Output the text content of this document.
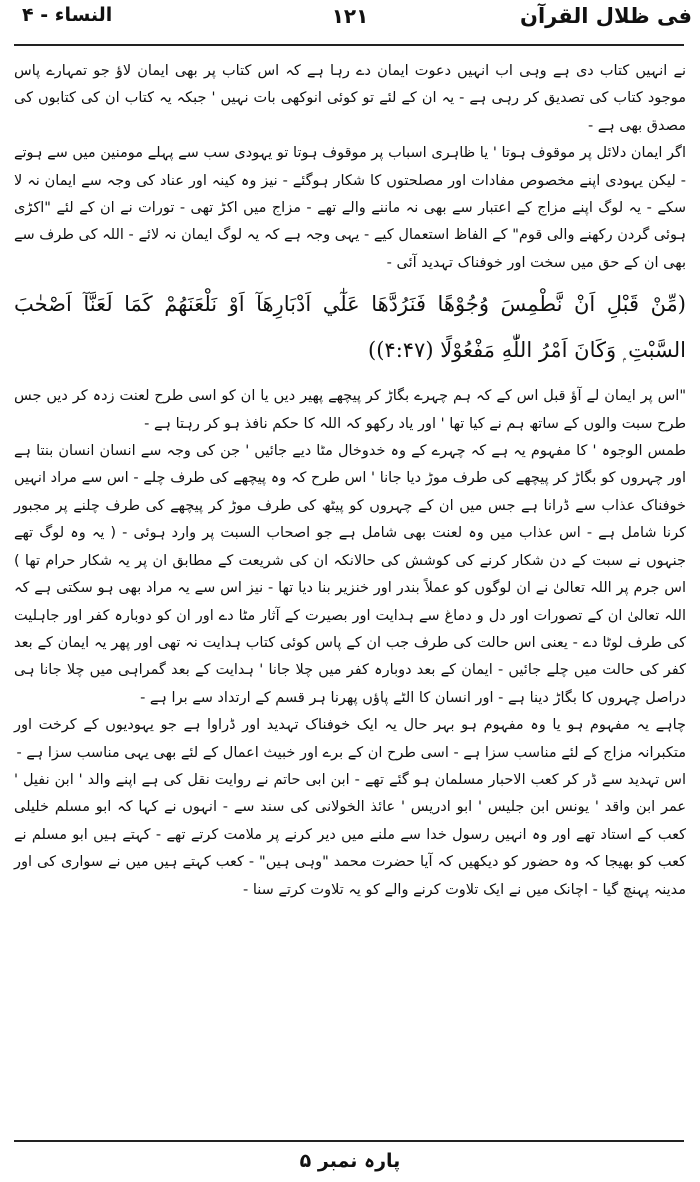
فی ظلال القرآن
۱۲۱
النساء - ۴

نے انہیں کتاب دی ہے وہی اب انہیں دعوت ایمان دے رہا ہے کہ اس کتاب پر بھی ایمان لاؤ جو تمہارے پاس موجود کتاب کی تصدیق کر رہی ہے - یہ ان کے لئے تو کوئی انوکھی بات نہیں ' جبکہ یہ کتاب ان کی کتابوں کی مصدق بھی ہے -

اگر ایمان دلائل پر موقوف ہوتا ' یا ظاہری اسباب پر موقوف ہوتا تو یہودی سب سے پہلے مومنین میں سے ہوتے - لیکن یہودی اپنے مخصوص مفادات اور مصلحتوں کا شکار ہوگئے - نیز وہ کینہ اور عناد کی وجہ سے ایمان نہ لا سکے - یہ لوگ اپنے مزاج کے اعتبار سے بھی نہ ماننے والے تھے - مزاج میں اکڑ تھی - تورات نے ان کے لئے "اکڑی ہوئی گردن رکھنے والی قوم" کے الفاظ استعمال کیے - یہی وجہ ہے کہ یہ لوگ ایمان نہ لائے - اللہ کی طرف سے بھی ان کے حق میں سخت اور خوفناک تہدید آئی -

(مِّنْ قَبْلِ اَنْ نَّطْمِسَ وُجُوْهًا فَنَرُدَّهَا عَلٰٓي اَدْبَارِهَآ اَوْ نَلْعَنَهُمْ كَمَا لَعَنَّآ اَصْحٰبَ السَّبْتِ ۭ وَكَانَ اَمْرُ اللّٰهِ مَفْعُوْلًا (۴:۴۷))

"اس پر ایمان لے آؤ قبل اس کے کہ ہم چہرے بگاڑ کر پیچھے پھیر دیں یا ان کو اسی طرح لعنت زدہ کر دیں جس طرح سبت والوں کے ساتھ ہم نے کیا تھا ' اور یاد رکھو کہ اللہ کا حکم نافذ ہو کر رہتا ہے -

طمس الوجوہ ' کا مفہوم یہ ہے کہ چہرے کے وہ خدوخال مٹا دیے جائیں ' جن کی وجہ سے انسان انسان بنتا ہے اور چہروں کو بگاڑ کر پیچھے کی طرف موڑ دیا جانا ' اس طرح کہ وہ پیچھے کی طرف چلے - اس سے مراد انہیں خوفناک عذاب سے ڈرانا ہے جس میں ان کے چہروں کو پیٹھ کی طرف موڑ کر پیچھے کی طرف چلنے پر مجبور کرنا شامل ہے - اس عذاب میں وہ لعنت بھی شامل ہے جو اصحاب السبت پر وارد ہوئی - ( یہ وہ لوگ تھے جنہوں نے سبت کے دن شکار کرنے کی کوشش کی حالانکہ ان کی شریعت کے مطابق ان پر یہ شکار حرام تھا ) اس جرم پر اللہ تعالیٰ نے ان لوگوں کو عملاً بندر اور خنزیر بنا دیا تھا - نیز اس سے یہ مراد بھی ہو سکتی ہے کہ اللہ تعالیٰ ان کے تصورات اور دل و دماغ سے ہدایت اور بصیرت کے آثار مٹا دے اور ان کو دوبارہ کفر اور جاہلیت کی طرف لوٹا دے - یعنی اس حالت کی طرف جب ان کے پاس کوئی کتاب ہدایت نہ تھی اور پھر یہ ایمان کے بعد کفر کی حالت میں چلے جائیں - ایمان کے بعد دوبارہ کفر میں چلا جانا ' ہدایت کے بعد گمراہی میں چلا جانا ہی دراصل چہروں کا بگاڑ دینا ہے - اور انسان کا الٹے پاؤں پھرنا ہر قسم کے ارتداد سے برا ہے -

چاہے یہ مفہوم ہو یا وہ مفہوم ہو بہر حال یہ ایک خوفناک تہدید اور ڈراوا ہے جو یہودیوں کے کرخت اور متکبرانہ مزاج کے لئے مناسب سزا ہے - اسی طرح ان کے برے اور خبیث اعمال کے لئے بھی یہی مناسب سزا ہے -

اس تہدید سے ڈر کر کعب الاحبار مسلمان ہو گئے تھے - ابن ابی حاتم نے روایت نقل کی ہے اپنے والد ' ابن نفیل ' عمر ابن واقد ' یونس ابن جلیس ' ابو ادریس ' عائذ الخولانی کی سند سے - انہوں نے کہا کہ ابو مسلم خلیلی کعب کے استاد تھے اور وہ انہیں رسول خدا سے ملنے میں دیر کرنے پر ملامت کرتے تھے - کہتے ہیں ابو مسلم نے کعب کو بھیجا کہ وہ حضور کو دیکھیں کہ آیا حضرت محمد "وہی ہیں" - کعب کہتے ہیں میں نے سواری کی اور مدینہ پہنچ گیا - اچانک میں نے ایک تلاوت کرنے والے کو یہ تلاوت کرتے سنا -

پارہ نمبر ۵
